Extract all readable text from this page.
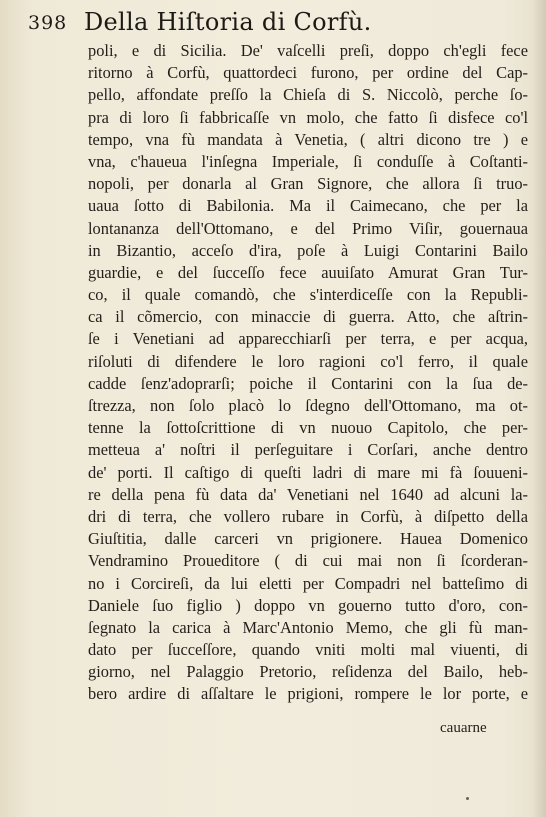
398 Della Hiſtoria di Corfù.
poli, e di Sicilia. De' vaſcelli preſi, doppo ch'egli fece
ritorno à Corfù, quattordeci furono, per ordine del Cap-
pello, affondate preſſo la Chieſa di S. Niccolò, perche ſo-
pra di loro ſi fabbricaſſe vn molo, che fatto ſi disfece co'l
tempo, vna fù mandata à Venetia, ( altri dicono tre ) e
vna, c'haueua l'inſegna Imperiale, ſi conduſſe à Coſtanti-
nopoli, per donarla al Gran Signore, che allora ſi truo-
uaua ſotto di Babilonia. Ma il Caimecano, che per la
lontananza dell'Ottomano, e del Primo Viſir, gouernaua
in Bizantio, acceſo d'ira, poſe à Luigi Contarini Bailo
guardie, e del ſucceſſo fece auuiſato Amurat Gran Tur-
co, il quale comandò, che s'interdiceſſe con la Republi-
ca il cõmercio, con minaccie di guerra. Atto, che aſtrin-
ſe i Venetiani ad apparecchiarſi per terra, e per acqua,
riſoluti di difendere le loro ragioni co'l ferro, il quale
cadde ſenz'adoprarſi; poiche il Contarini con la ſua de-
ſtrezza, non ſolo placò lo ſdegno dell'Ottomano, ma ot-
tenne la ſottoſcrittione di vn nuouo Capitolo, che per-
metteua a' noſtri il perſeguitare i Corſari, anche dentro
de' porti. Il caſtigo di queſti ladri di mare mi fà ſouueni-
re della pena fù data da' Venetiani nel 1640 ad alcuni la-
dri di terra, che vollero rubare in Corfù, à diſpetto della
Giuſtitia, dalle carceri vn prigionere. Haueа Domenico
Vendramino Proueditore ( di cui mai non ſi ſcorderan-
no i Corcireſi, da lui eletti per Compadri nel batteſimo di
Daniele ſuo figlio ) doppo vn gouerno tutto d'oro, con-
ſegnato la carica à Marc'Antonio Memo, che gli fù man-
dato per ſucceſſore, quando vniti molti mal viuenti, di
giorno, nel Palaggio Pretorio, reſidenza del Bailo, heb-
bero ardire di aſſaltare le prigioni, rompere le lor porte, e
cauarne
